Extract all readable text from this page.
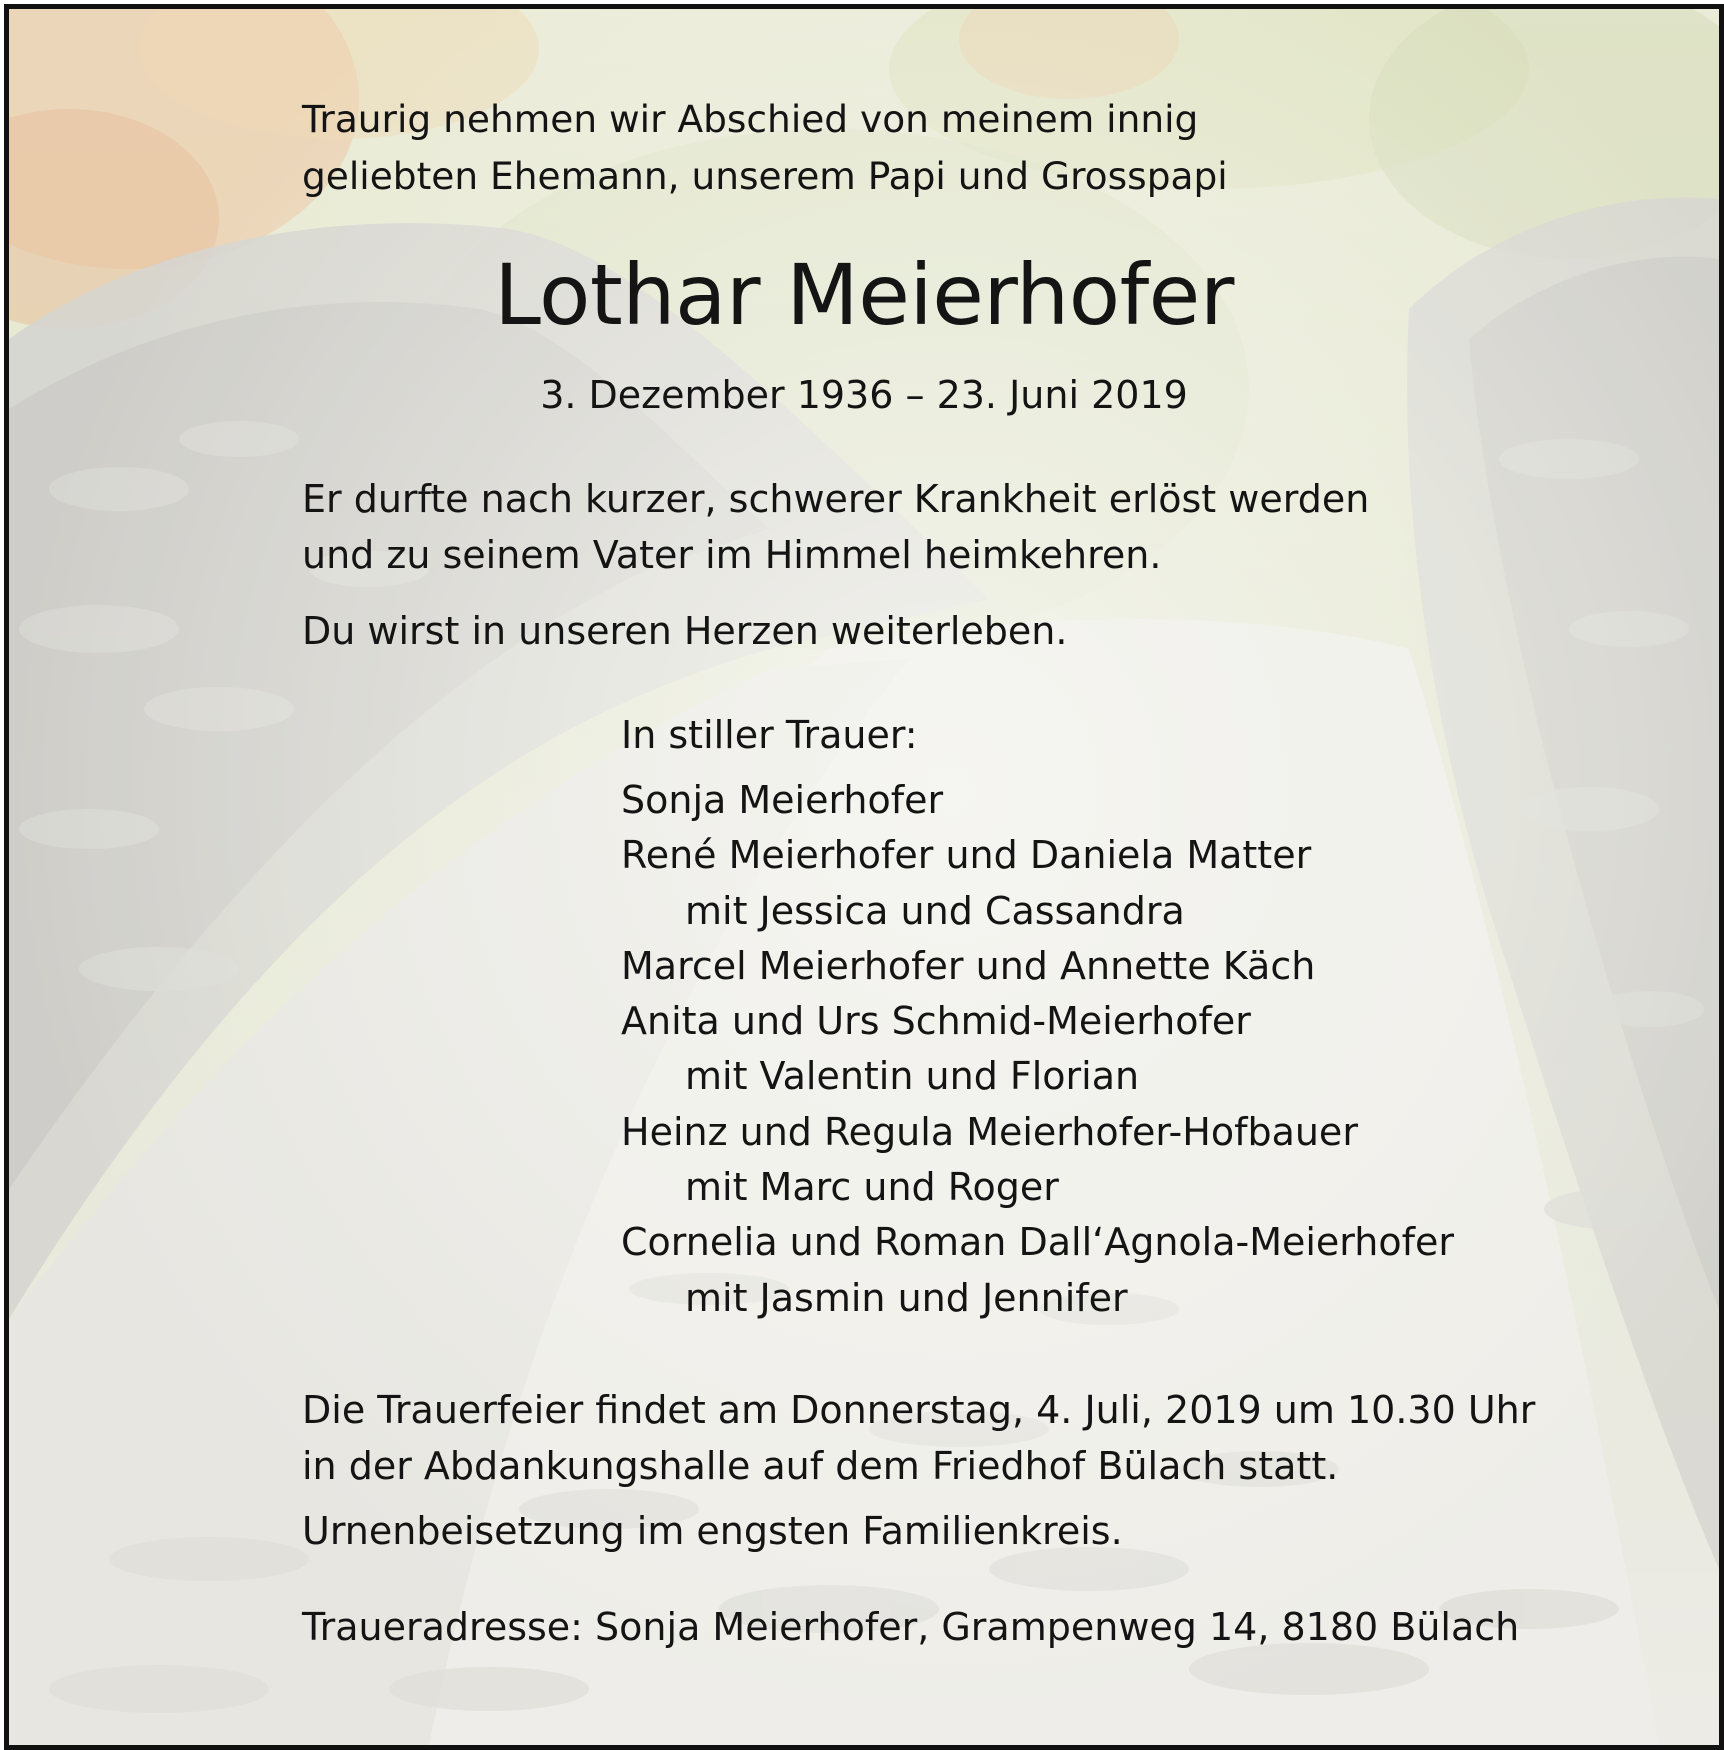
Traurig nehmen wir Abschied von meinem innig
geliebten Ehemann, unserem Papi und Grosspapi
Lothar Meierhofer
3. Dezember 1936 – 23. Juni 2019
Er durfte nach kurzer, schwerer Krankheit erlöst werden
und zu seinem Vater im Himmel heimkehren.
Du wirst in unseren Herzen weiterleben.
In stiller Trauer:
Sonja Meierhofer
René Meierhofer und Daniela Matter
mit Jessica und Cassandra
Marcel Meierhofer und Annette Käch
Anita und Urs Schmid-Meierhofer
mit Valentin und Florian
Heinz und Regula Meierhofer-Hofbauer
mit Marc und Roger
Cornelia und Roman Dall‘Agnola-Meierhofer
mit Jasmin und Jennifer
Die Trauerfeier findet am Donnerstag, 4. Juli, 2019 um 10.30 Uhr
in der Abdankungshalle auf dem Friedhof Bülach statt.
Urnenbeisetzung im engsten Familienkreis.
Traueradresse: Sonja Meierhofer, Grampenweg 14, 8180 Bülach
